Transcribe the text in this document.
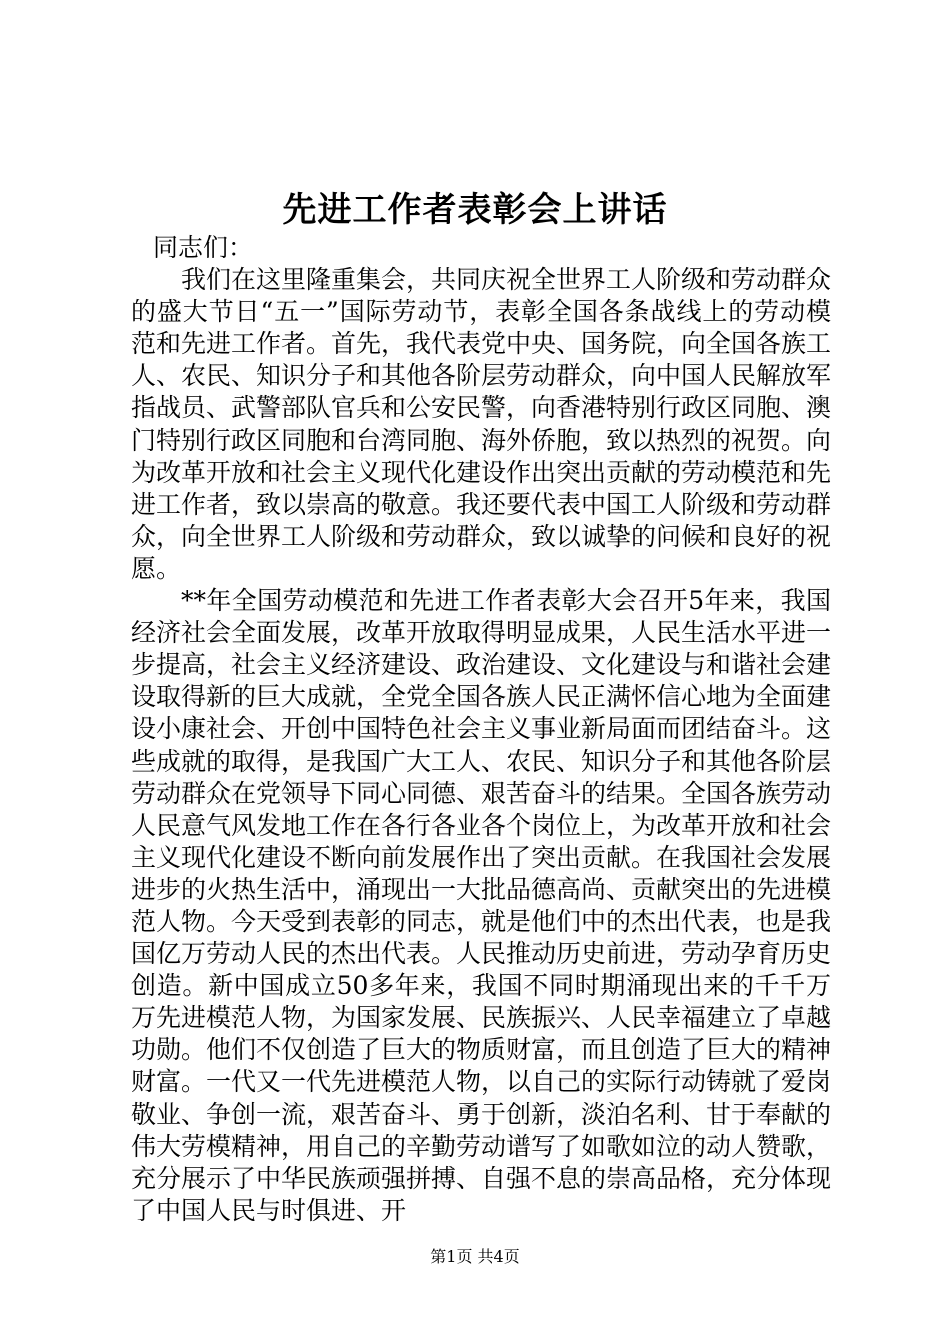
先进工作者表彰会上讲话

同志们：

我们在这里隆重集会，共同庆祝全世界工人阶级和劳动群众的盛大节日“五一”国际劳动节，表彰全国各条战线上的劳动模范和先进工作者。首先，我代表党中央、国务院，向全国各族工人、农民、知识分子和其他各阶层劳动群众，向中国人民解放军指战员、武警部队官兵和公安民警，向香港特别行政区同胞、澳门特别行政区同胞和台湾同胞、海外侨胞，致以热烈的祝贺。向为改革开放和社会主义现代化建设作出突出贡献的劳动模范和先进工作者，致以崇高的敬意。我还要代表中国工人阶级和劳动群众，向全世界工人阶级和劳动群众，致以诚挚的问候和良好的祝愿。

**年全国劳动模范和先进工作者表彰大会召开5年来，我国经济社会全面发展，改革开放取得明显成果，人民生活水平进一步提高，社会主义经济建设、政治建设、文化建设与和谐社会建设取得新的巨大成就，全党全国各族人民正满怀信心地为全面建设小康社会、开创中国特色社会主义事业新局面而团结奋斗。这些成就的取得，是我国广大工人、农民、知识分子和其他各阶层劳动群众在党领导下同心同德、艰苦奋斗的结果。全国各族劳动人民意气风发地工作在各行各业各个岗位上，为改革开放和社会主义现代化建设不断向前发展作出了突出贡献。在我国社会发展进步的火热生活中，涌现出一大批品德高尚、贡献突出的先进模范人物。今天受到表彰的同志，就是他们中的杰出代表，也是我国亿万劳动人民的杰出代表。人民推动历史前进，劳动孕育历史创造。新中国成立50多年来，我国不同时期涌现出来的千千万万先进模范人物，为国家发展、民族振兴、人民幸福建立了卓越功勋。他们不仅创造了巨大的物质财富，而且创造了巨大的精神财富。一代又一代先进模范人物，以自己的实际行动铸就了爱岗敬业、争创一流，艰苦奋斗、勇于创新，淡泊名利、甘于奉献的伟大劳模精神，用自己的辛勤劳动谱写了如歌如泣的动人赞歌，充分展示了中华民族顽强拼搏、自强不息的崇高品格，充分体现了中国人民与时俱进、开

第1页 共4页
